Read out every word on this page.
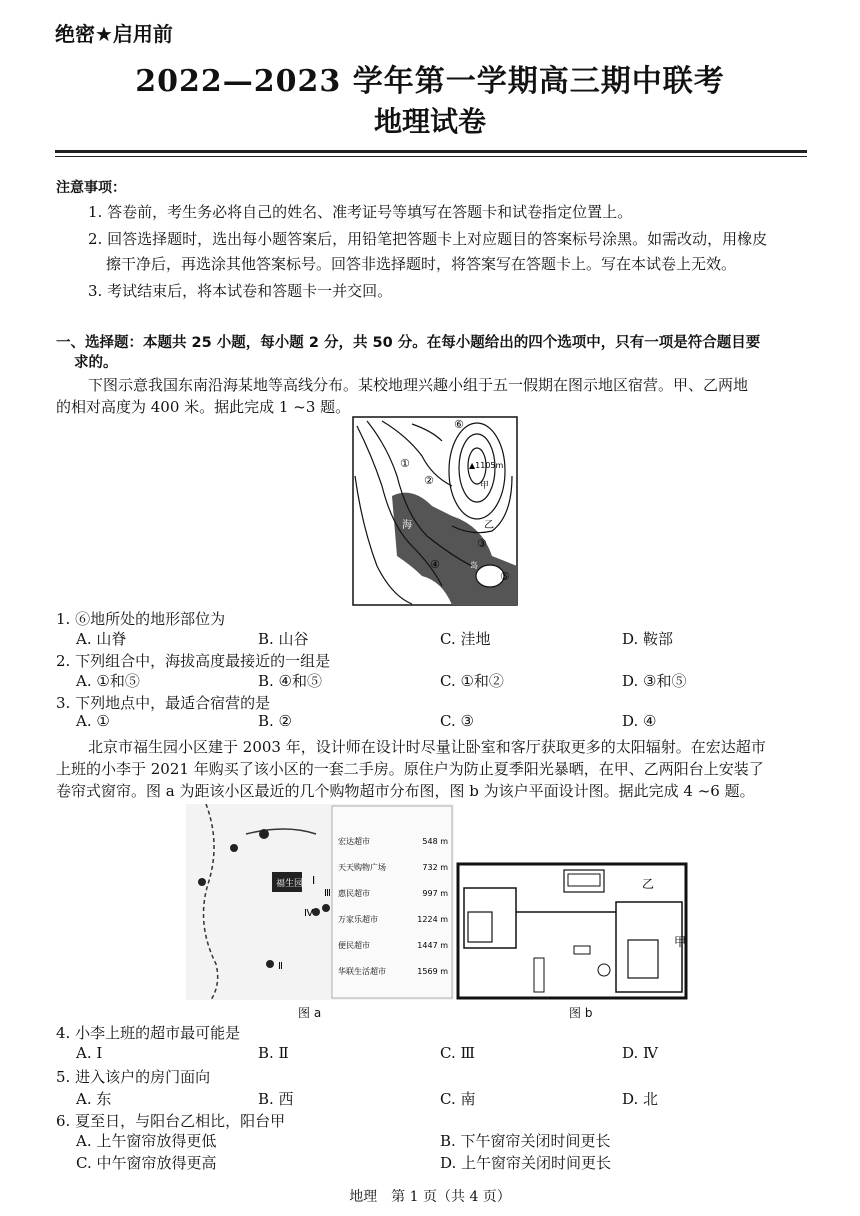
绝密★启用前
2022—2023 学年第一学期高三期中联考
地理试卷
注意事项：
1. 答卷前，考生务必将自己的姓名、准考证号等填写在答题卡和试卷指定位置上。
2. 回答选择题时，选出每小题答案后，用铅笔把答题卡上对应题目的答案标号涂黑。如需改动，用橡皮
擦干净后，再选涂其他答案标号。回答非选择题时，将答案写在答题卡上。写在本试卷上无效。
3. 考试结束后，将本试卷和答题卡一并交回。
一、选择题：本题共 25 小题，每小题 2 分，共 50 分。在每小题给出的四个选项中，只有一项是符合题目要
求的。
下图示意我国东南沿海某地等高线分布。某校地理兴趣小组于五一假期在图示地区宿营。甲、乙两地
的相对高度为 400 米。据此完成 1 ~3 题。
▲1105m
甲
乙
海
岛
①
②
③
④
⑤
⑥
1. ⑥地所处的地形部位为
A. 山脊	B. 山谷	C. 洼地	D. 鞍部
2. 下列组合中，海拔高度最接近的一组是
A. ①和⑤	B. ④和⑤	C. ①和②	D. ③和⑤
3. 下列地点中，最适合宿营的是
A. ①	B. ②	C. ③	D. ④
北京市福生园小区建于 2003 年，设计师在设计时尽量让卧室和客厅获取更多的太阳辐射。在宏达超市
上班的小李于 2021 年购买了该小区的一套二手房。原住户为防止夏季阳光暴晒，在甲、乙两阳台上安装了
卷帘式窗帘。图 a 为距该小区最近的几个购物超市分布图，图 b 为该户平面设计图。据此完成 4 ~6 题。
福生园 Ⅰ
Ⅱ
Ⅲ
Ⅳ
宏达超市	548 m
天天购物广场	732 m
惠民超市	997 m
万家乐超市	1224 m
便民超市	1447 m
华联生活超市	1569 m
图 a
乙
甲
图 b
4. 小李上班的超市最可能是
A. Ⅰ	B. Ⅱ	C. Ⅲ	D. Ⅳ
5. 进入该户的房门面向
A. 东	B. 西	C. 南	D. 北
6. 夏至日，与阳台乙相比，阳台甲
A. 上午窗帘放得更低	B. 下午窗帘关闭时间更长
C. 中午窗帘放得更高	D. 上午窗帘关闭时间更长
地理　第 1 页（共 4 页）
